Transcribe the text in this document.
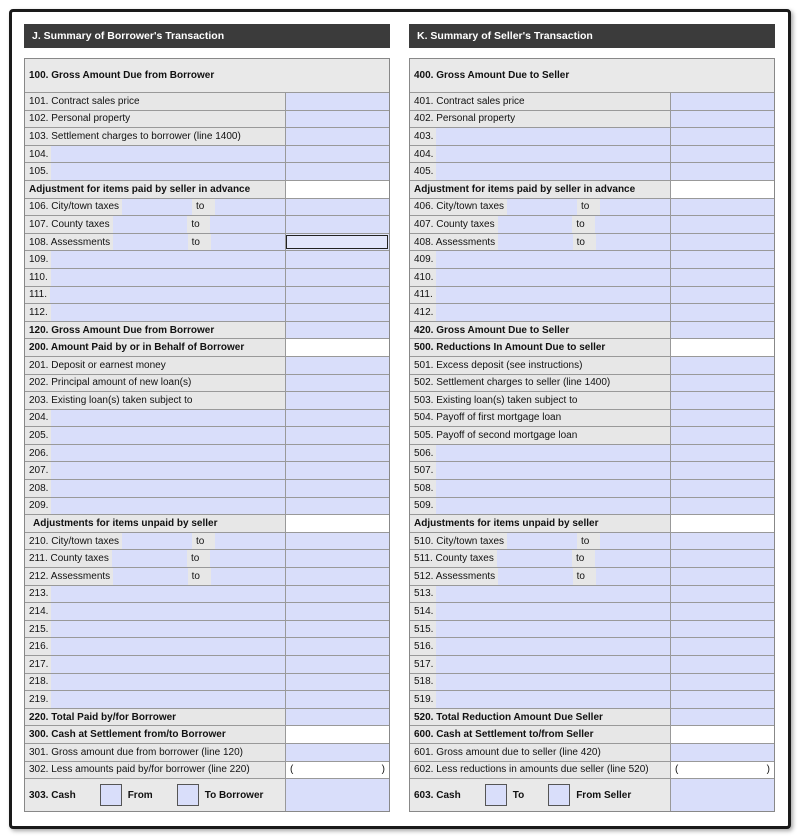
J. Summary of Borrower's Transaction
100. Gross Amount Due from Borrower
101. Contract sales price
102. Personal property
103. Settlement charges to borrower (line 1400)
104.
105.
Adjustment for items paid by seller in advance
106. City/town taxes	to
107. County taxes	to
108. Assessments	to
109.
110.
111.
112.
120. Gross Amount Due from Borrower
200. Amount Paid by or in Behalf of Borrower
201. Deposit or earnest money
202. Principal amount of new loan(s)
203. Existing loan(s) taken subject to
204.
205.
206.
207.
208.
209.
Adjustments for items unpaid by seller
210. City/town taxes	to
211. County taxes	to
212. Assessments	to
213.
214.
215.
216.
217.
218.
219.
220. Total Paid by/for Borrower
300. Cash at Settlement from/to Borrower
301. Gross amount due from borrower (line 120)
302. Less amounts paid by/for borrower (line 220)	(	)
303. Cash	From	To Borrower
K. Summary of Seller's Transaction
400. Gross Amount Due to Seller
401. Contract sales price
402. Personal property
403.
404.
405.
Adjustment for items paid by seller in advance
406. City/town taxes	to
407. County taxes	to
408. Assessments	to
409.
410.
411.
412.
420. Gross Amount Due to Seller
500. Reductions In Amount Due to seller
501. Excess deposit (see instructions)
502. Settlement charges to seller (line 1400)
503. Existing loan(s) taken subject to
504. Payoff of first mortgage loan
505. Payoff of second mortgage loan
506.
507.
508.
509.
Adjustments for items unpaid by seller
510. City/town taxes	to
511. County taxes	to
512. Assessments	to
513.
514.
515.
516.
517.
518.
519.
520. Total Reduction Amount Due Seller
600. Cash at Settlement to/from Seller
601. Gross amount due to seller (line 420)
602. Less reductions in amounts due seller (line 520)	(	)
603. Cash	To	From Seller
